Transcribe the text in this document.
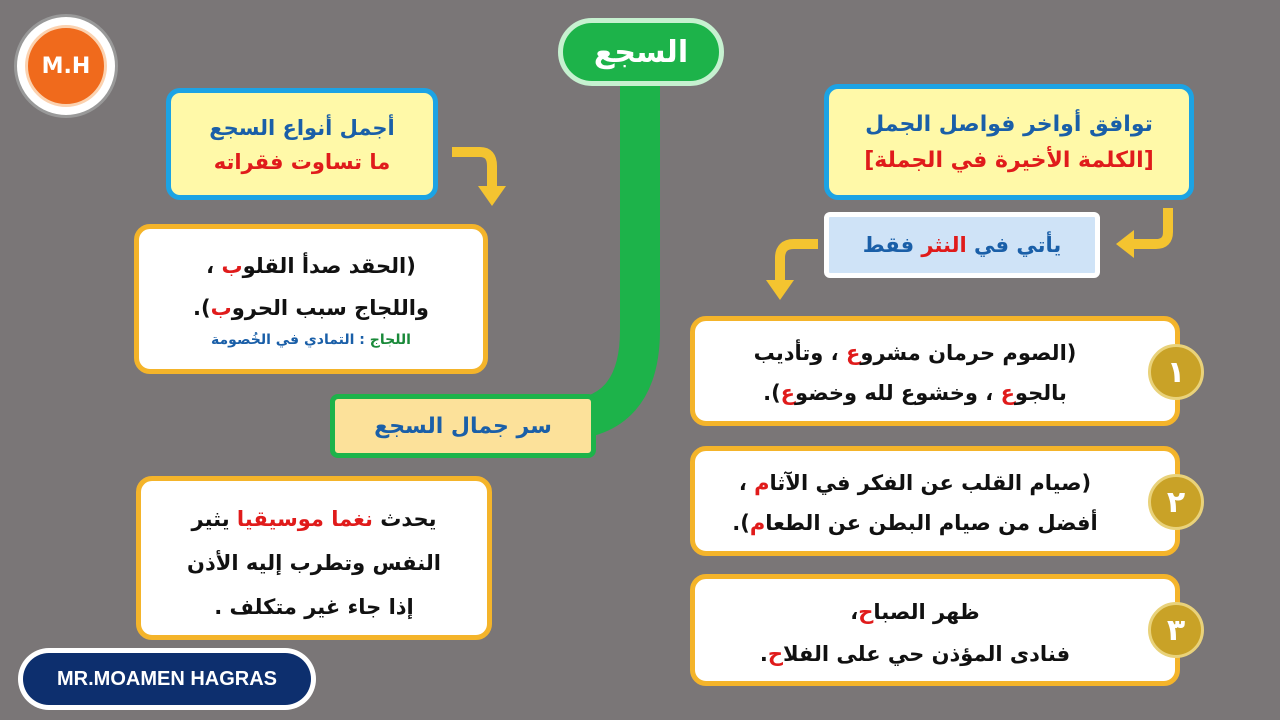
M.H	السجع
أجمل أنواع السجع
ما تساوت فقراته
(الحقد صدأ القلوب ،
واللجاج سبب الحروب).
اللجاج : التمادي في الخُصومة
سر جمال السجع
يحدث نغما موسيقيا يثير
النفس وتطرب إليه الأذن
إذا جاء غير متكلف .
توافق أواخر فواصل الجمل
[الكلمة الأخيرة في الجملة]
يأتي في النثر فقط
(الصوم حرمان مشروع ، وتأديب
بالجوع ، وخشوع لله وخضوع).
١
(صيام القلب عن الفكر في الآثام ،
أفضل من صيام البطن عن الطعام).
٢
ظهر الصباح،
فنادى المؤذن حي على الفلاح.
٣
MR.MOAMEN HAGRAS
